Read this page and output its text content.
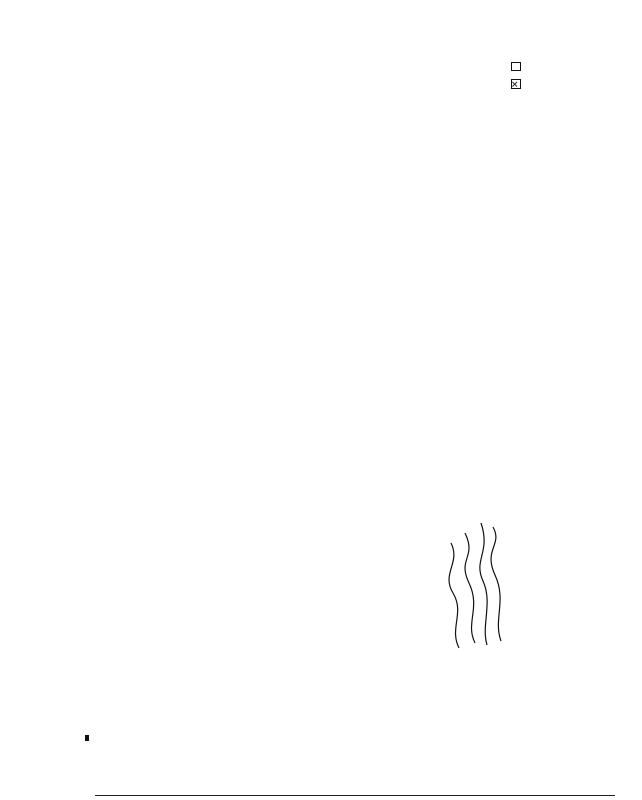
✕
